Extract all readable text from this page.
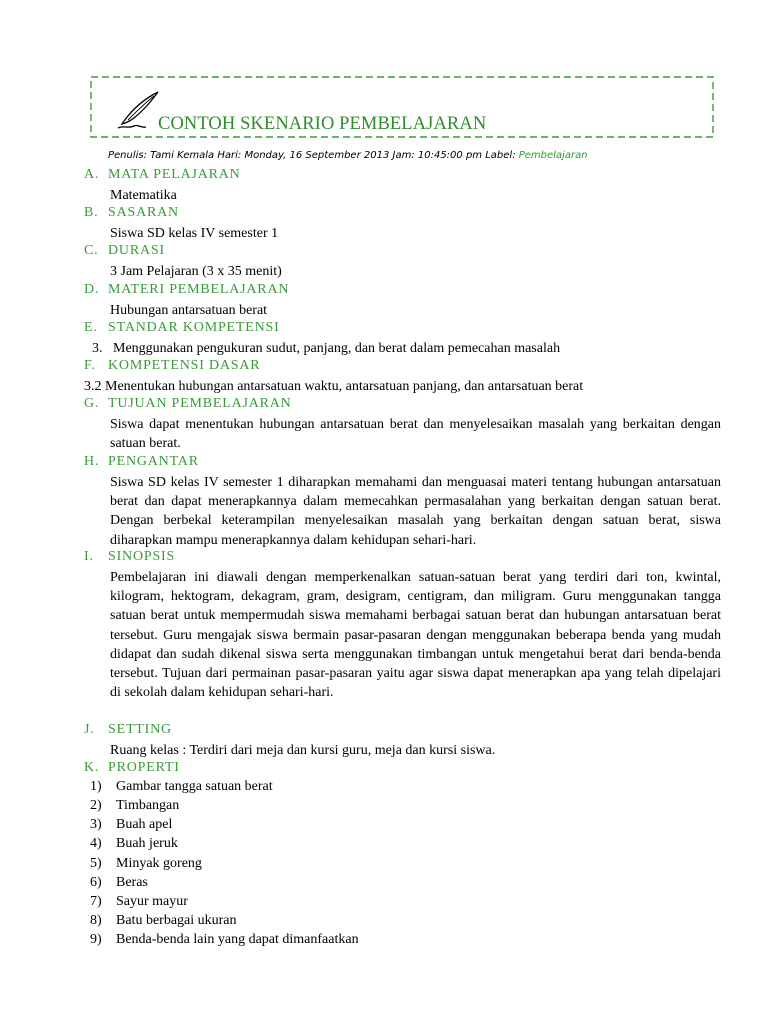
CONTOH SKENARIO PEMBELAJARAN
Penulis: Tami Kemala Hari: Monday, 16 September 2013 Jam: 10:45:00 pm Label: Pembelajaran
A. MATA PELAJARAN
Matematika
B. SASARAN
Siswa SD kelas IV semester 1
C. DURASI
3 Jam Pelajaran (3 x 35 menit)
D. MATERI PEMBELAJARAN
Hubungan antarsatuan berat
E. STANDAR KOMPETENSI
3.   Menggunakan pengukuran sudut, panjang, dan berat dalam pemecahan masalah
F. KOMPETENSI DASAR
3.2 Menentukan hubungan antarsatuan waktu, antarsatuan panjang, dan antarsatuan berat
G. TUJUAN PEMBELAJARAN
Siswa dapat menentukan hubungan antarsatuan berat dan menyelesaikan masalah yang berkaitan dengan satuan berat.
H. PENGANTAR
Siswa SD kelas IV semester 1 diharapkan memahami dan menguasai materi tentang hubungan antarsatuan berat dan dapat menerapkannya dalam memecahkan permasalahan yang berkaitan dengan satuan berat. Dengan berbekal keterampilan menyelesaikan masalah yang berkaitan dengan satuan berat, siswa diharapkan mampu menerapkannya dalam kehidupan sehari-hari.
I. SINOPSIS
Pembelajaran ini diawali dengan memperkenalkan satuan-satuan berat yang terdiri dari ton, kwintal, kilogram, hektogram, dekagram, gram, desigram, centigram, dan miligram. Guru menggunakan tangga satuan berat untuk mempermudah siswa memahami berbagai satuan berat dan hubungan antarsatuan berat tersebut. Guru mengajak siswa bermain pasar-pasaran dengan menggunakan beberapa benda yang mudah didapat dan sudah dikenal siswa serta menggunakan timbangan untuk mengetahui berat dari benda-benda tersebut. Tujuan dari permainan pasar-pasaran yaitu agar siswa dapat menerapkan apa yang telah dipelajari di sekolah dalam kehidupan sehari-hari.
J. SETTING
Ruang kelas : Terdiri dari meja dan kursi guru, meja dan kursi siswa.
K. PROPERTI
1) Gambar tangga satuan berat
2) Timbangan
3) Buah apel
4) Buah jeruk
5) Minyak goreng
6) Beras
7) Sayur mayur
8) Batu berbagai ukuran
9) Benda-benda lain yang dapat dimanfaatkan
